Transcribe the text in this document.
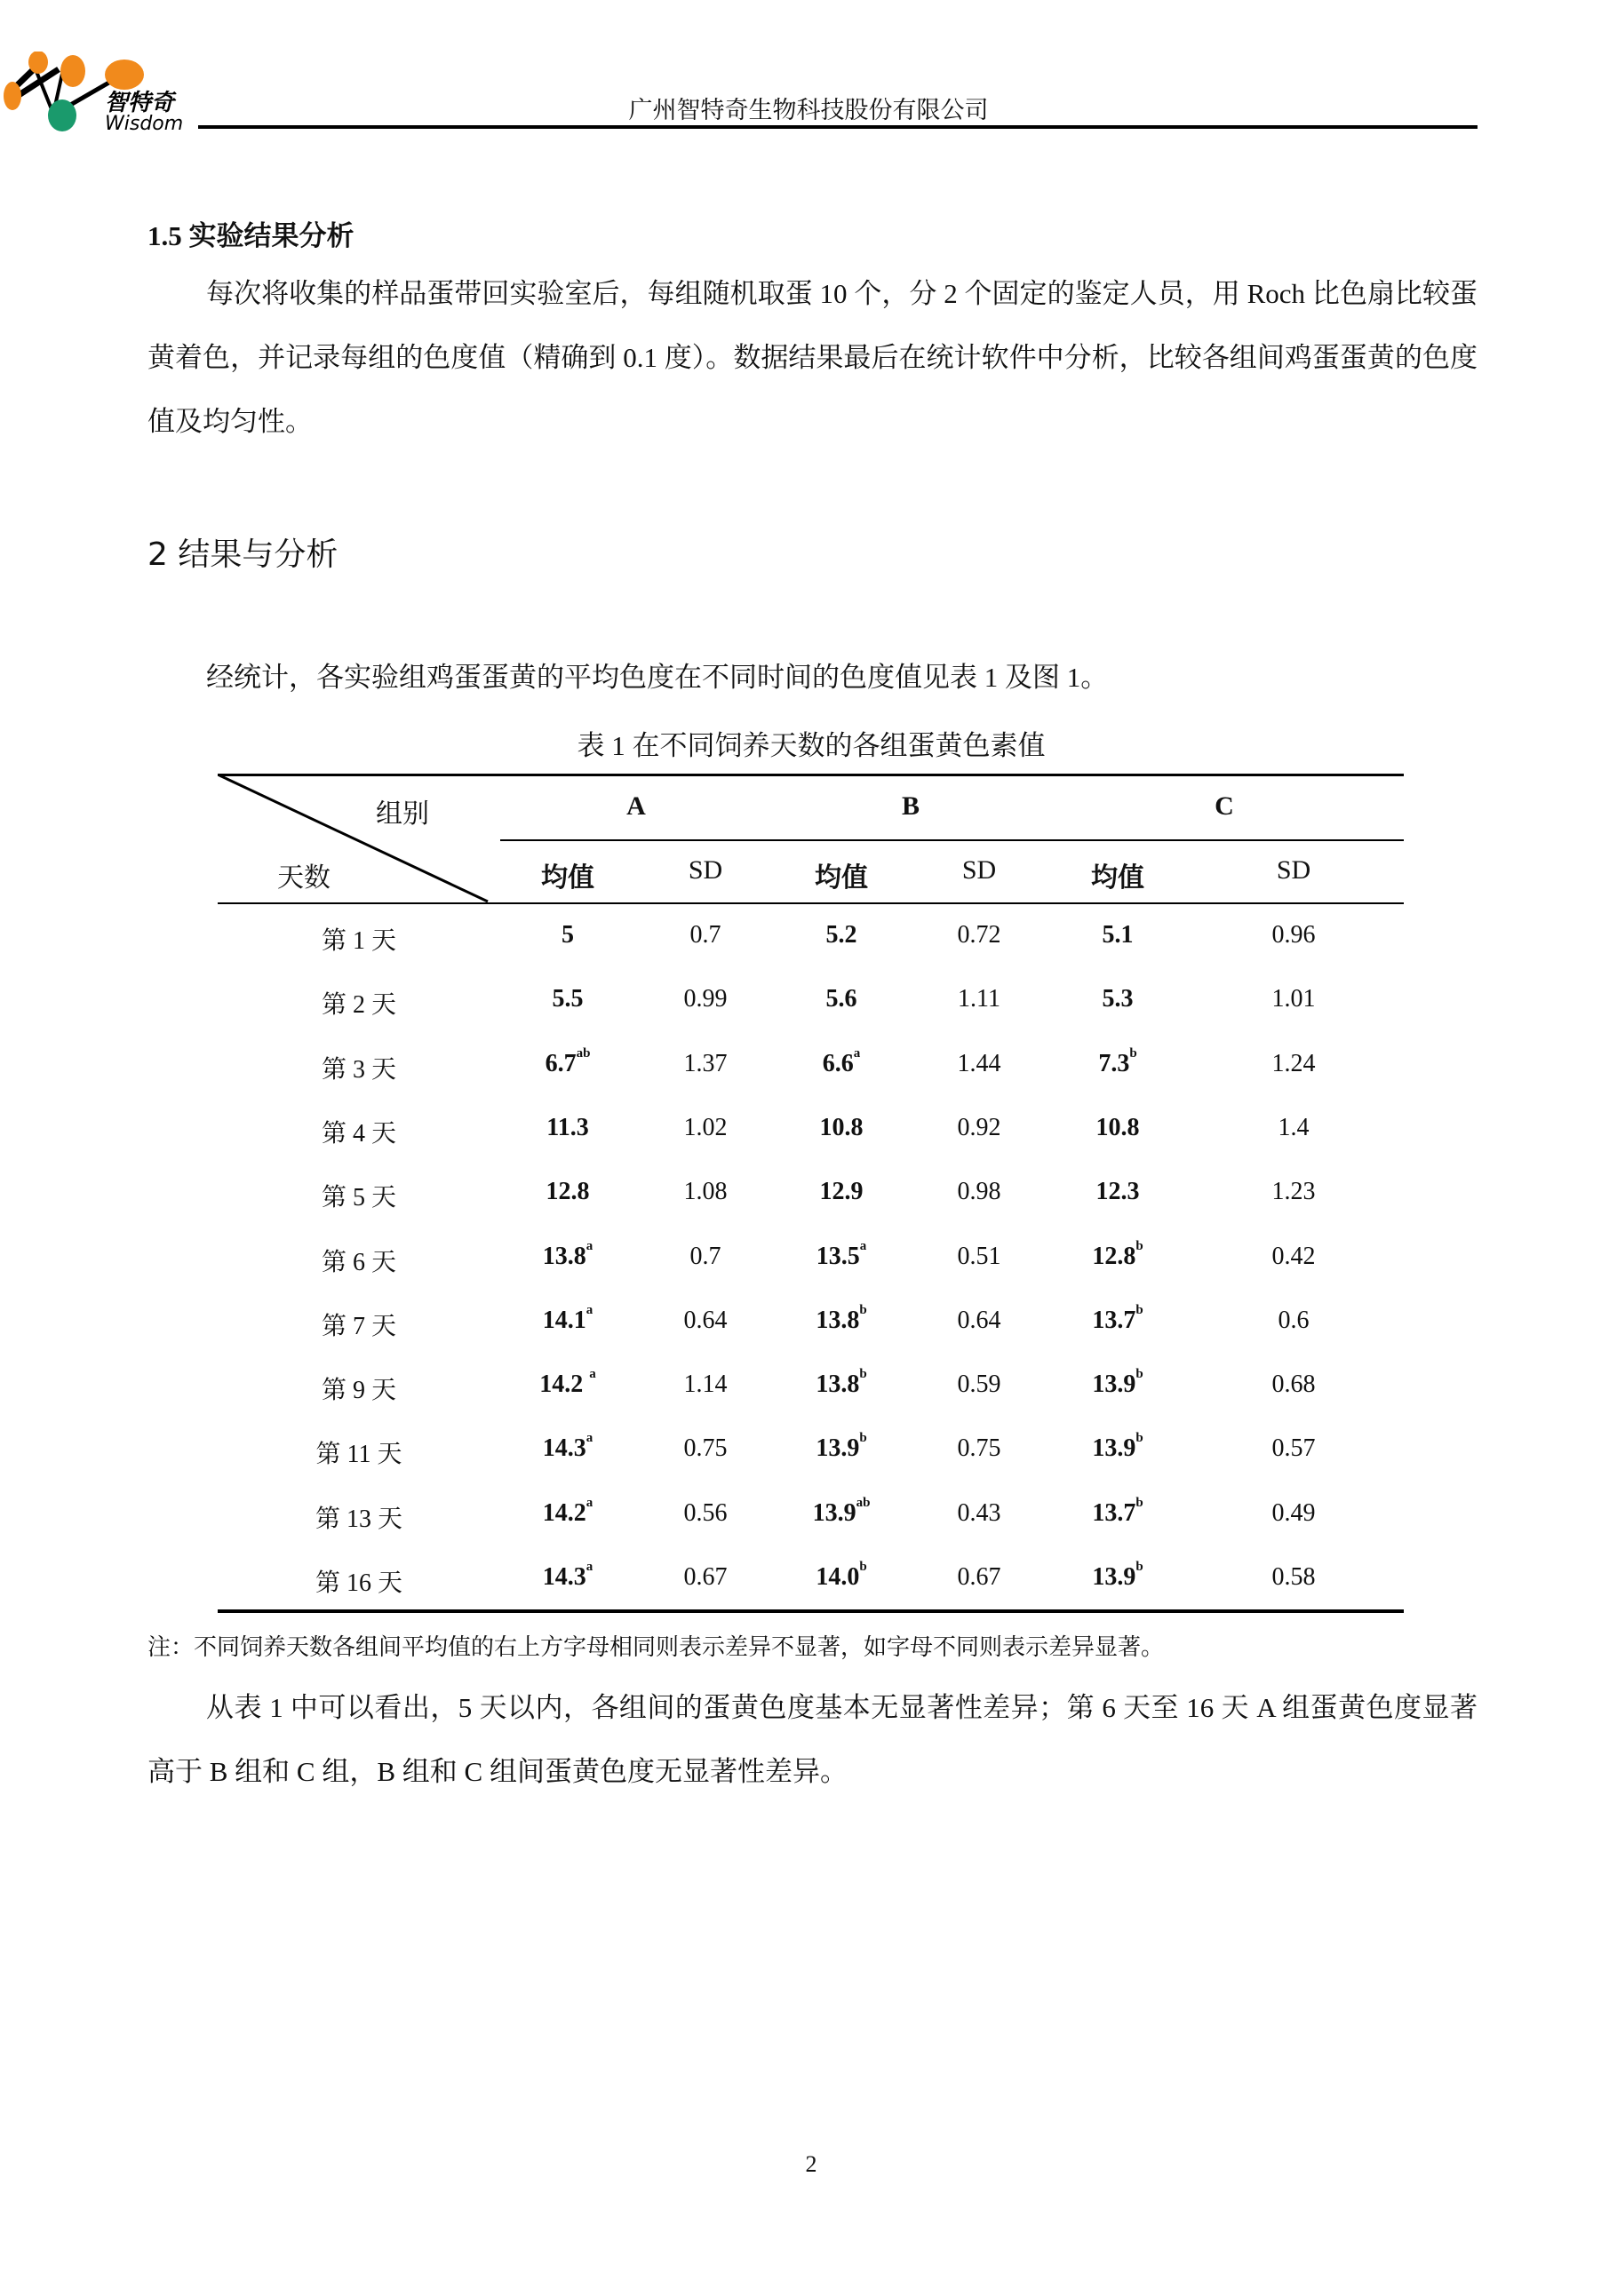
智特奇
Wisdom	广州智特奇生物科技股份有限公司
1.5 实验结果分析
每次将收集的样品蛋带回实验室后，每组随机取蛋 10 个，分 2 个固定的鉴定人员，用 Roch 比色扇比较蛋黄着色，并记录每组的色度值（精确到 0.1 度）。数据结果最后在统计软件中分析，比较各组间鸡蛋蛋黄的色度值及均匀性。
2 结果与分析
经统计，各实验组鸡蛋蛋黄的平均色度在不同时间的色度值见表 1 及图 1。
表 1 在不同饲养天数的各组蛋黄色素值
组别
天数
A	B	C
均值	SD	均值	SD	均值	SD
第 1 天	5	0.7	5.2	0.72	5.1	0.96
第 2 天	5.5	0.99	5.6	1.11	5.3	1.01
第 3 天	6.7$^{ab}$	1.37	6.6$^a$	1.44	7.3$^b$	1.24
第 4 天	11.3	1.02	10.8	0.92	10.8	1.4
第 5 天	12.8	1.08	12.9	0.98	12.3	1.23
第 6 天	13.8$^a$	0.7	13.5$^a$	0.51	12.8$^b$	0.42
第 7 天	14.1$^a$	0.64	13.8$^b$	0.64	13.7$^b$	0.6
第 9 天	14.2 $^a$	1.14	13.8$^b$	0.59	13.9$^b$	0.68
第 11 天	14.3$^a$	0.75	13.9$^b$	0.75	13.9$^b$	0.57
第 13 天	14.2$^a$	0.56	13.9$^{ab}$	0.43	13.7$^b$	0.49
第 16 天	14.3$^a$	0.67	14.0$^b$	0.67	13.9$^b$	0.58
注：不同饲养天数各组间平均值的右上方字母相同则表示差异不显著，如字母不同则表示差异显著。
从表 1 中可以看出，5 天以内，各组间的蛋黄色度基本无显著性差异；第 6 天至 16 天 A 组蛋黄色度显著高于 B 组和 C 组，B 组和 C 组间蛋黄色度无显著性差异。
2
